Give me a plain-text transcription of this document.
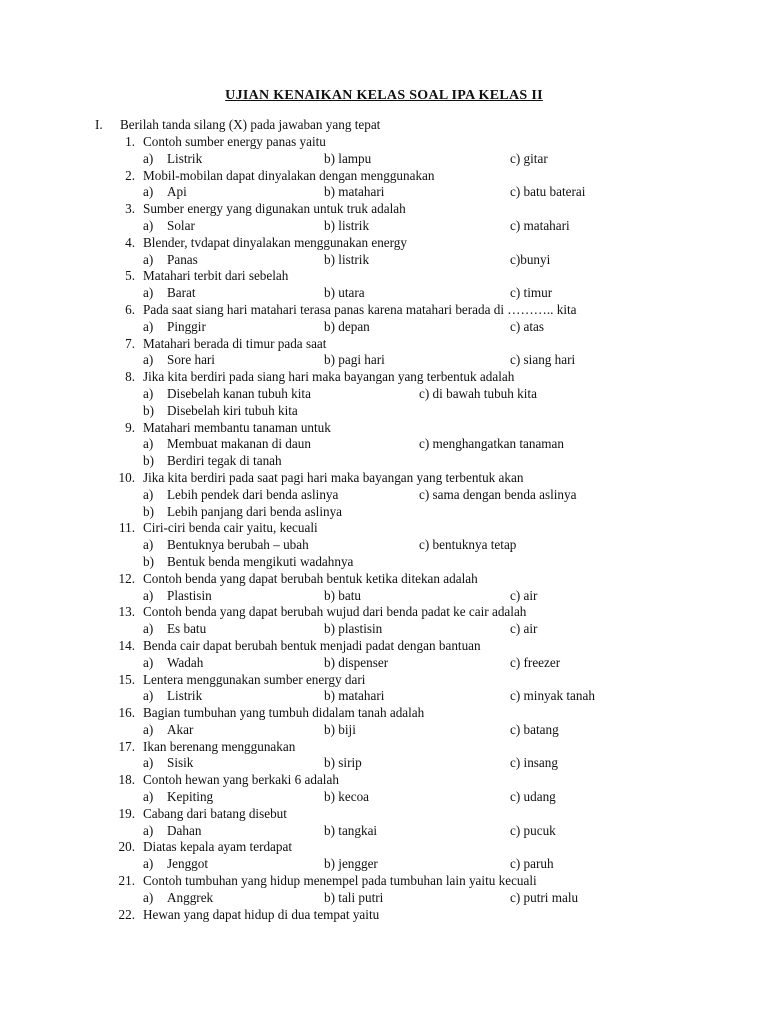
UJIAN KENAIKAN KELAS SOAL IPA KELAS II
I. Berilah tanda silang (X) pada jawaban yang tepat
1. Contoh sumber energy panas yaitu
a) Listrik	b) lampu	c) gitar
2. Mobil-mobilan dapat dinyalakan dengan menggunakan
a) Api	b) matahari	c) batu baterai
3. Sumber energy yang digunakan untuk truk adalah
a) Solar	b) listrik	c) matahari
4. Blender, tvdapat dinyalakan menggunakan energy
a) Panas	b) listrik	c)bunyi
5. Matahari terbit dari sebelah
a) Barat	b) utara	c) timur
6. Pada saat siang hari matahari terasa panas karena matahari berada di ……….. kita
a) Pinggir	b) depan	c) atas
7. Matahari berada di timur pada saat
a) Sore hari	b) pagi hari	c) siang hari
8. Jika kita berdiri pada siang hari maka bayangan yang terbentuk adalah
a) Disebelah kanan tubuh kita	c) di bawah tubuh kita
b) Disebelah kiri tubuh kita
9. Matahari membantu tanaman untuk
a) Membuat makanan di daun	c) menghangatkan tanaman
b) Berdiri tegak di tanah
10. Jika kita berdiri pada saat pagi hari maka bayangan yang terbentuk akan
a) Lebih pendek dari benda aslinya	c) sama dengan benda aslinya
b) Lebih panjang dari benda aslinya
11. Ciri-ciri benda cair yaitu, kecuali
a) Bentuknya berubah – ubah	c) bentuknya tetap
b) Bentuk benda mengikuti wadahnya
12. Contoh benda yang dapat berubah bentuk ketika ditekan adalah
a) Plastisin	b) batu	c) air
13. Contoh benda yang dapat berubah wujud dari benda padat ke cair adalah
a) Es batu	b) plastisin	c) air
14. Benda cair dapat berubah bentuk menjadi padat dengan bantuan
a) Wadah	b) dispenser	c) freezer
15. Lentera menggunakan sumber energy dari
a) Listrik	b) matahari	c) minyak tanah
16. Bagian tumbuhan yang tumbuh didalam tanah adalah
a) Akar	b) biji	c) batang
17. Ikan berenang menggunakan
a) Sisik	b) sirip	c) insang
18. Contoh hewan yang berkaki 6 adalah
a) Kepiting	b) kecoa	c) udang
19. Cabang dari batang disebut
a) Dahan	b) tangkai	c) pucuk
20. Diatas kepala ayam terdapat
a) Jenggot	b) jengger	c) paruh
21. Contoh tumbuhan yang hidup menempel pada tumbuhan lain yaitu kecuali
a) Anggrek	b) tali putri	c) putri malu
22. Hewan yang dapat hidup di dua tempat yaitu
